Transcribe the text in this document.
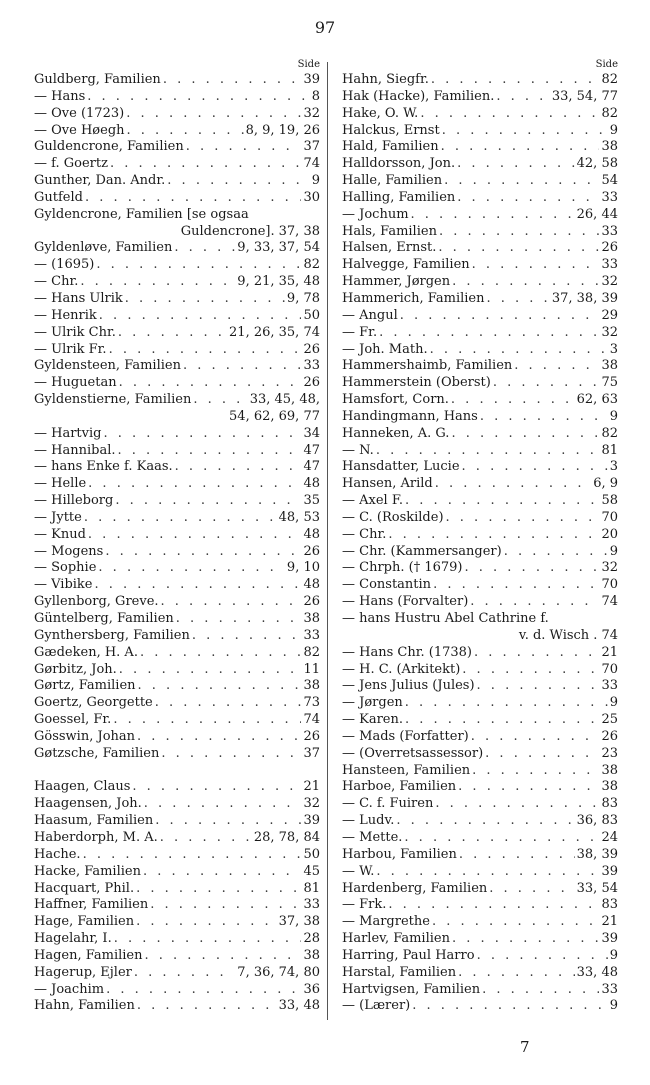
97
Side
Guldberg, Familien . . .	39
— Hans . . .	8
— Ove (1723) . . .	32
— Ove Høegh . . .	8, 9, 19, 26
Guldencrone, Familien . . .	37
— f. Goertz . . .	74
Gunther, Dan. Andr. . . .	9
Gutfeld . . .	30
Gyldencrone, Familien [se ogsaa
Guldencrone]. 37, 38
Gyldenløve, Familien . . .	9, 33, 37, 54
— (1695) . . .	82
— Chr. . . .	9, 21, 35, 48
— Hans Ulrik . . .	9, 78
— Henrik . . .	50
— Ulrik Chr. . . .	21, 26, 35, 74
— Ulrik Fr. . . .	26
Gyldensteen, Familien . . .	33
— Huguetan . . .	26
Gyldenstierne, Familien . . .	33, 45, 48,
54, 62, 69, 77
— Hartvig . . .	34
— Hannibal. . . .	47
— hans Enke f. Kaas. . . .	47
— Helle . . .	48
— Hilleborg . . .	35
— Jytte . . .	48, 53
— Knud . . .	48
— Mogens . . .	26
— Sophie . . .	9, 10
— Vibike . . .	48
Gyllenborg, Greve. . . .	26
Güntelberg, Familien . . .	38
Gynthersberg, Familien . . .	33
Gædeken, H. A. . . .	82
Gørbitz, Joh. . . .	11
Gørtz, Familien . . .	38
Goertz, Georgette . . .	73
Goessel, Fr. . . .	74
Gösswin, Johan . . .	26
Gøtzsche, Familien . . .	37
Haagen, Claus . . .	21
Haagensen, Joh. . . .	32
Haasum, Familien . . .	39
Haberdorph, M. A. . . .	28, 78, 84
Hache. . . .	50
Hacke, Familien . . .	45
Hacquart, Phil. . . .	81
Haffner, Familien . . .	33
Hage, Familien . . .	37, 38
Hagelahr, I. . . .	28
Hagen, Familien . . .	38
Hagerup, Ejler . . .	7, 36, 74, 80
— Joachim . . .	36
Hahn, Familien . . .	33, 48
Side
Hahn, Siegfr. . . .	82
Hak (Hacke), Familien. . . .	33, 54, 77
Hake, O. W. . . .	82
Halckus, Ernst . . .	9
Hald, Familien . . .	38
Halldorsson, Jon. . . .	42, 58
Halle, Familien . . .	54
Halling, Familien . . .	33
— Jochum . . .	26, 44
Hals, Familien . . .	33
Halsen, Ernst. . . .	26
Halvegge, Familien . . .	33
Hammer, Jørgen . . .	32
Hammerich, Familien . . .	37, 38, 39
— Angul . . .	29
— Fr. . . .	32
— Joh. Math. . . .	3
Hammershaimb, Familien . . .	38
Hammerstein (Oberst) . . .	75
Hamsfort, Corn. . . .	62, 63
Handingmann, Hans . . .	9
Hanneken, A. G. . . .	82
— N. . . .	81
Hansdatter, Lucie . . .	3
Hansen, Arild . . .	6, 9
— Axel F. . . .	58
— C. (Roskilde) . . .	70
— Chr. . . .	20
— Chr. (Kammersanger) . . .	9
— Chrph. († 1679) . . .	32
— Constantin . . .	70
— Hans (Forvalter) . . .	74
— hans Hustru Abel Cathrine f.
v. d. Wisch . 74
— Hans Chr. (1738) . . .	21
— H. C. (Arkitekt) . . .	70
— Jens Julius (Jules) . . .	33
— Jørgen . . .	9
— Karen. . . .	25
— Mads (Forfatter) . . .	26
— (Overretsassessor) . . .	23
Hansteen, Familien . . .	38
Harboe, Familien . . .	38
— C. f. Fuiren . . .	83
— Ludv. . . .	36, 83
— Mette. . . .	24
Harbou, Familien . . .	38, 39
— W. . . .	39
Hardenberg, Familien . . .	33, 54
— Frk. . . .	83
— Margrethe . . .	21
Harlev, Familien . . .	39
Harring, Paul Harro . . .	9
Harstal, Familien . . .	33, 48
Hartvigsen, Familien . . .	33
— (Lærer) . . .	9
7
